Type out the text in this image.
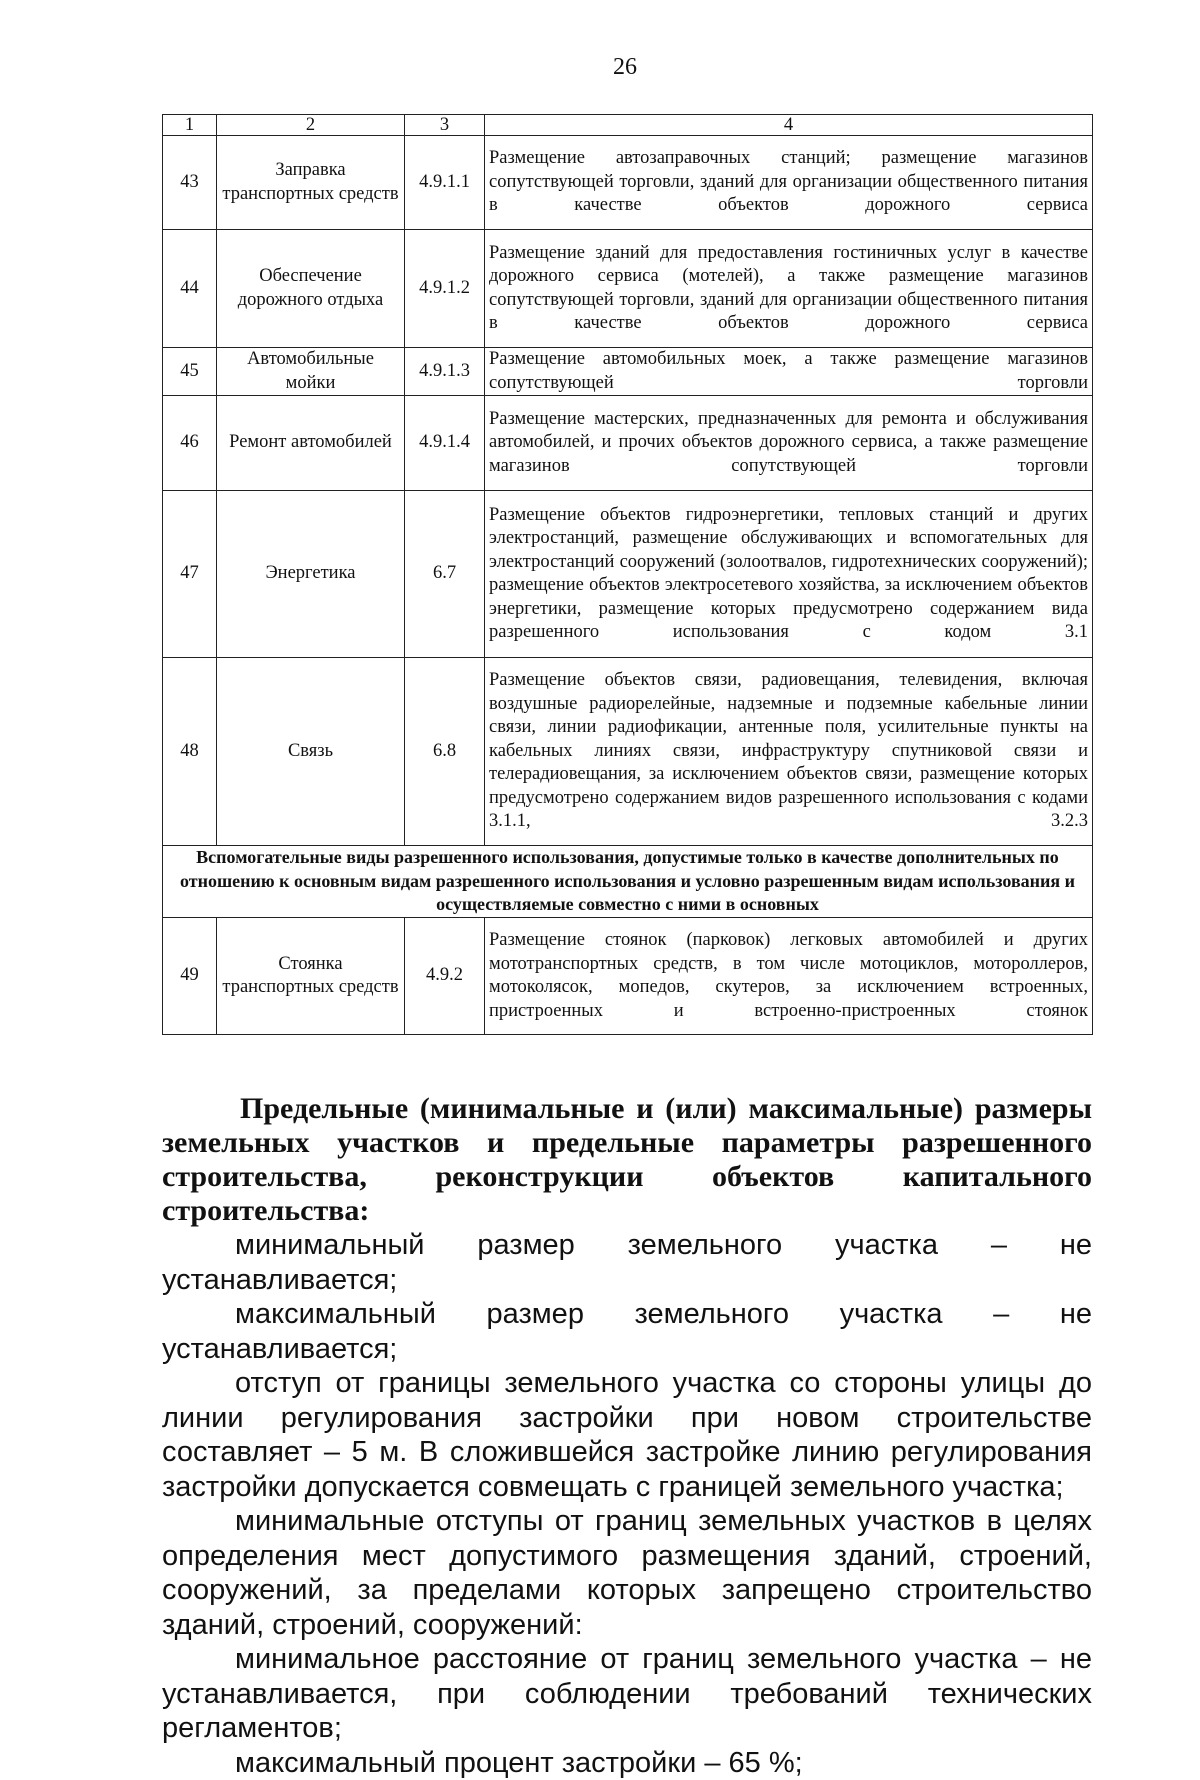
26
1	2	3	4
43	Заправка транспортных средств	4.9.1.1	Размещение автозаправочных станций; размещение магазинов сопутствующей торговли, зданий для организации общественного питания в качестве объектов дорожного сервиса
44	Обеспечение дорожного отдыха	4.9.1.2	Размещение зданий для предоставления гостиничных услуг в качестве дорожного сервиса (мотелей), а также размещение магазинов сопутствующей торговли, зданий для организации общественного питания в качестве объектов дорожного сервиса
45	Автомобильные мойки	4.9.1.3	Размещение автомобильных моек, а также размещение магазинов сопутствующей торговли
46	Ремонт автомобилей	4.9.1.4	Размещение мастерских, предназначенных для ремонта и обслуживания автомобилей, и прочих объектов дорожного сервиса, а также размещение магазинов сопутствующей торговли
47	Энергетика	6.7	Размещение объектов гидроэнергетики, тепловых станций и других электростанций, размещение обслуживающих и вспомогательных для электростанций сооружений (золоотвалов, гидротехнических сооружений); размещение объектов электросетевого хозяйства, за исключением объектов энергетики, размещение которых предусмотрено содержанием вида разрешенного использования с кодом 3.1
48	Связь	6.8	Размещение объектов связи, радиовещания, телевидения, включая воздушные радиорелейные, надземные и подземные кабельные линии связи, линии радиофикации, антенные поля, усилительные пункты на кабельных линиях связи, инфраструктуру спутниковой связи и телерадиовещания, за исключением объектов связи, размещение которых предусмотрено содержанием видов разрешенного использования с кодами 3.1.1, 3.2.3
Вспомогательные виды разрешенного использования, допустимые только в качестве дополнительных по отношению к основным видам разрешенного использования и условно разрешенным видам использования и осуществляемые совместно с ними в основных			
49	Стоянка транспортных средств	4.9.2	Размещение стоянок (парковок) легковых автомобилей и других мототранспортных средств, в том числе мотоциклов, мотороллеров, мотоколясок, мопедов, скутеров, за исключением встроенных, пристроенных и встроенно-пристроенных стоянок
Предельные (минимальные и (или) максимальные) размеры земельных участков и предельные параметры разрешенного строительства, реконструкции объектов капитального строительства:

минимальный размер земельного участка – не устанавливается;

максимальный размер земельного участка – не устанавливается;

отступ от границы земельного участка со стороны улицы до линии регулирования застройки при новом строительстве составляет – 5 м. В сложившейся застройке линию регулирования застройки допускается совмещать с границей земельного участка;

минимальные отступы от границ земельных участков в целях определения мест допустимого размещения зданий, строений, сооружений, за пределами которых запрещено строительство зданий, строений, сооружений:

минимальное расстояние от границ земельного участка – не устанавливается, при соблюдении требований технических регламентов;

максимальный процент застройки – 65 %;
